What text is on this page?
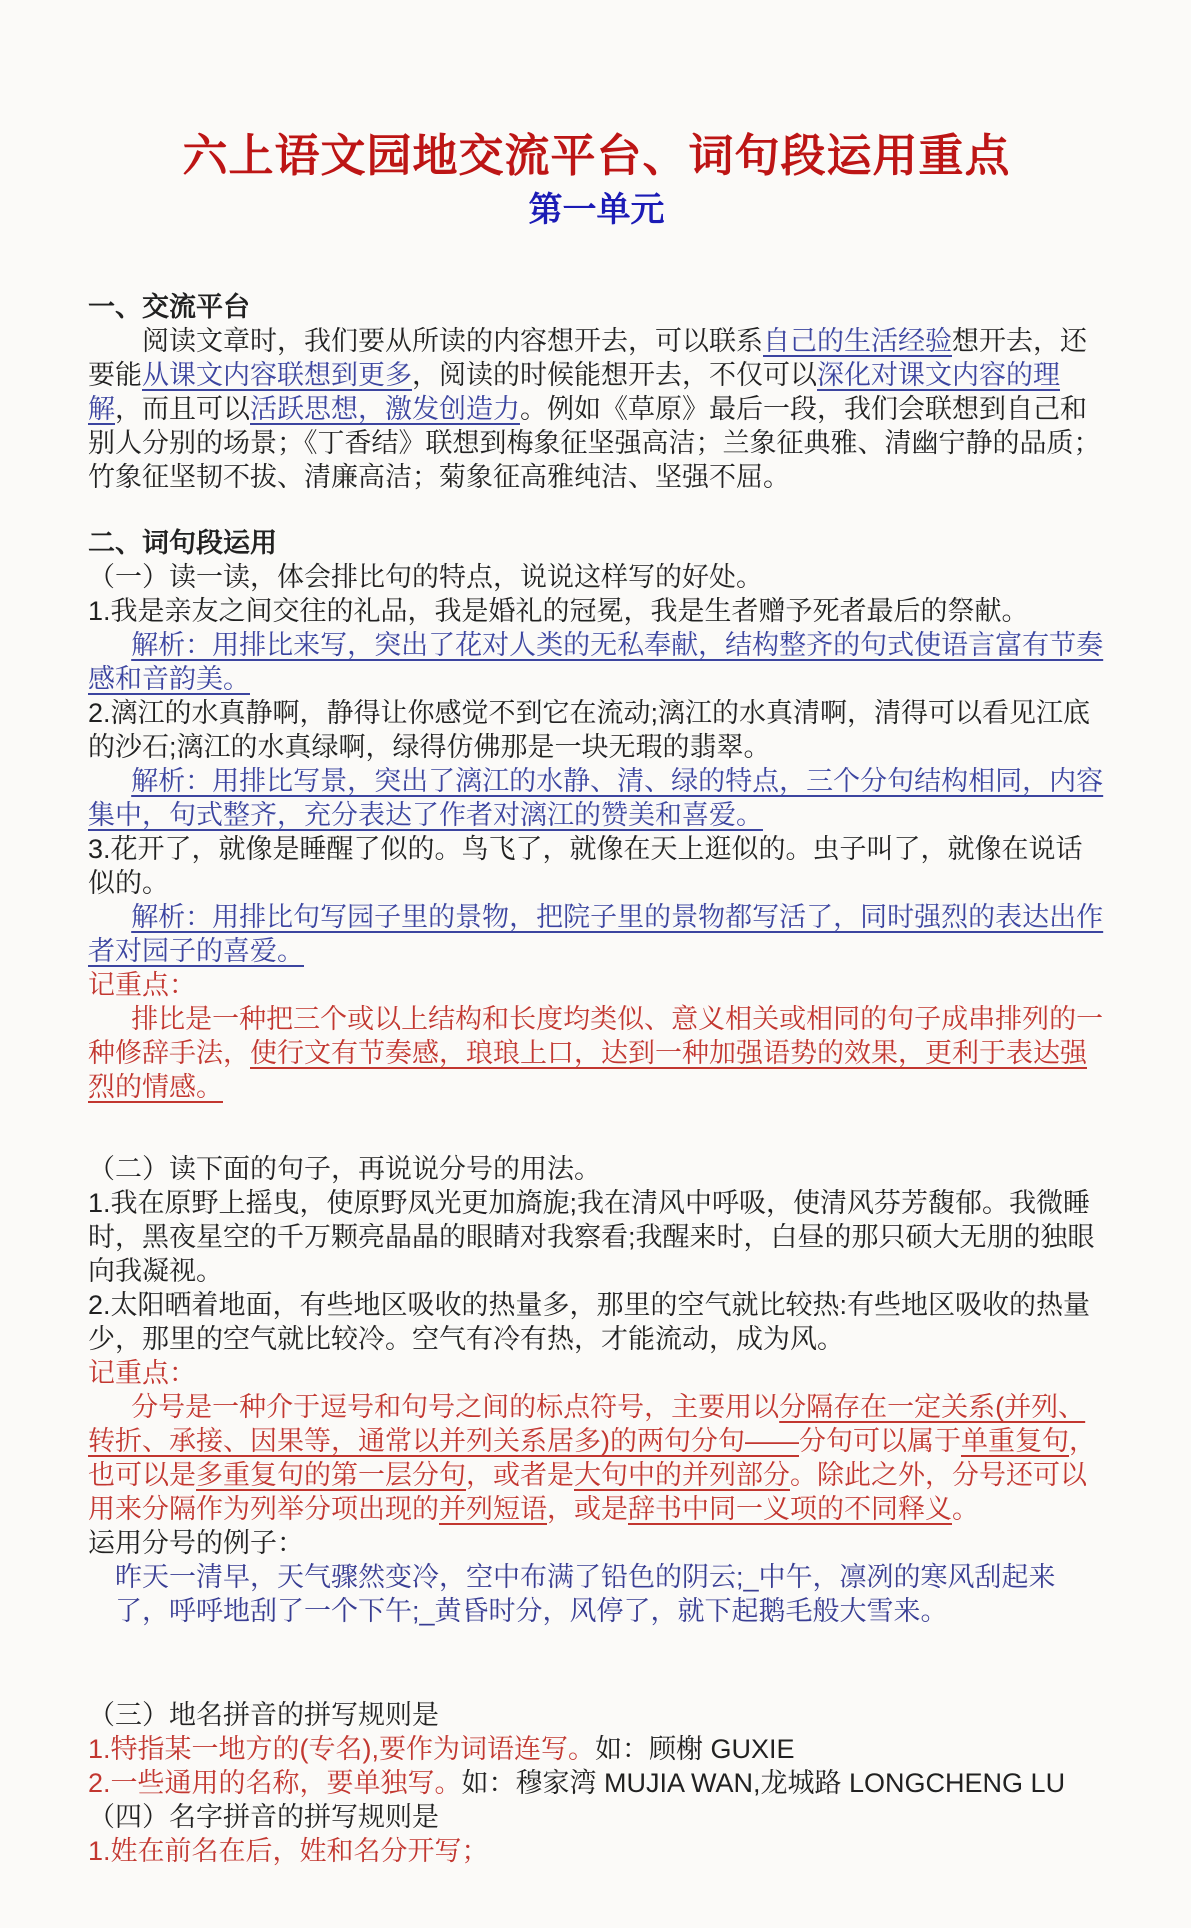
六上语文园地交流平台、词句段运用重点
第一单元
一、交流平台
阅读文章时，我们要从所读的内容想开去，可以联系自己的生活经验想开去，还要能从课文内容联想到更多，阅读的时候能想开去，不仅可以深化对课文内容的理解，而且可以活跃思想，激发创造力。例如《草原》最后一段，我们会联想到自己和别人分别的场景；《丁香结》联想到梅象征坚强高洁；兰象征典雅、清幽宁静的品质；竹象征坚韧不拔、清廉高洁；菊象征高雅纯洁、坚强不屈。
二、词句段运用
（一）读一读，体会排比句的特点，说说这样写的好处。
1.我是亲友之间交往的礼品，我是婚礼的冠冕，我是生者赠予死者最后的祭献。
解析：用排比来写，突出了花对人类的无私奉献，结构整齐的句式使语言富有节奏感和音韵美。
2.漓江的水真静啊，静得让你感觉不到它在流动;漓江的水真清啊，清得可以看见江底的沙石;漓江的水真绿啊，绿得仿佛那是一块无瑕的翡翠。
解析：用排比写景，突出了漓江的水静、清、绿的特点，三个分句结构相同，内容集中，句式整齐，充分表达了作者对漓江的赞美和喜爱。
3.花开了，就像是睡醒了似的。鸟飞了，就像在天上逛似的。虫子叫了，就像在说话似的。
解析：用排比句写园子里的景物，把院子里的景物都写活了，同时强烈的表达出作者对园子的喜爱。
记重点：
排比是一种把三个或以上结构和长度均类似、意义相关或相同的句子成串排列的一种修辞手法，使行文有节奏感，琅琅上口，达到一种加强语势的效果，更利于表达强烈的情感。
（二）读下面的句子，再说说分号的用法。
1.我在原野上摇曳，使原野凤光更加旖旎;我在清风中呼吸，使清风芬芳馥郁。我微睡时，黑夜星空的千万颗亮晶晶的眼睛对我察看;我醒来时，白昼的那只硕大无朋的独眼向我凝视。
2.太阳晒着地面，有些地区吸收的热量多，那里的空气就比较热:有些地区吸收的热量少，那里的空气就比较冷。空气有冷有热，才能流动，成为风。
记重点：
分号是一种介于逗号和句号之间的标点符号，主要用以分隔存在一定关系(并列、转折、承接、因果等，通常以并列关系居多)的两句分句——分句可以属于单重复句，也可以是多重复句的第一层分句，或者是大句中的并列部分。除此之外，分号还可以用来分隔作为列举分项出现的并列短语，或是辞书中同一义项的不同释义。
运用分号的例子：
昨天一清早，天气骤然变冷，空中布满了铅色的阴云;_中午，凛冽的寒风刮起来了，呼呼地刮了一个下午;_黄昏时分，风停了，就下起鹅毛般大雪来。
（三）地名拼音的拼写规则是
1.特指某一地方的(专名),要作为词语连写。如：顾榭 GUXIE
2.一些通用的名称，要单独写。如：穆家湾 MUJIA WAN,龙城路 LONGCHENG LU
（四）名字拼音的拼写规则是
1.姓在前名在后，姓和名分开写；
